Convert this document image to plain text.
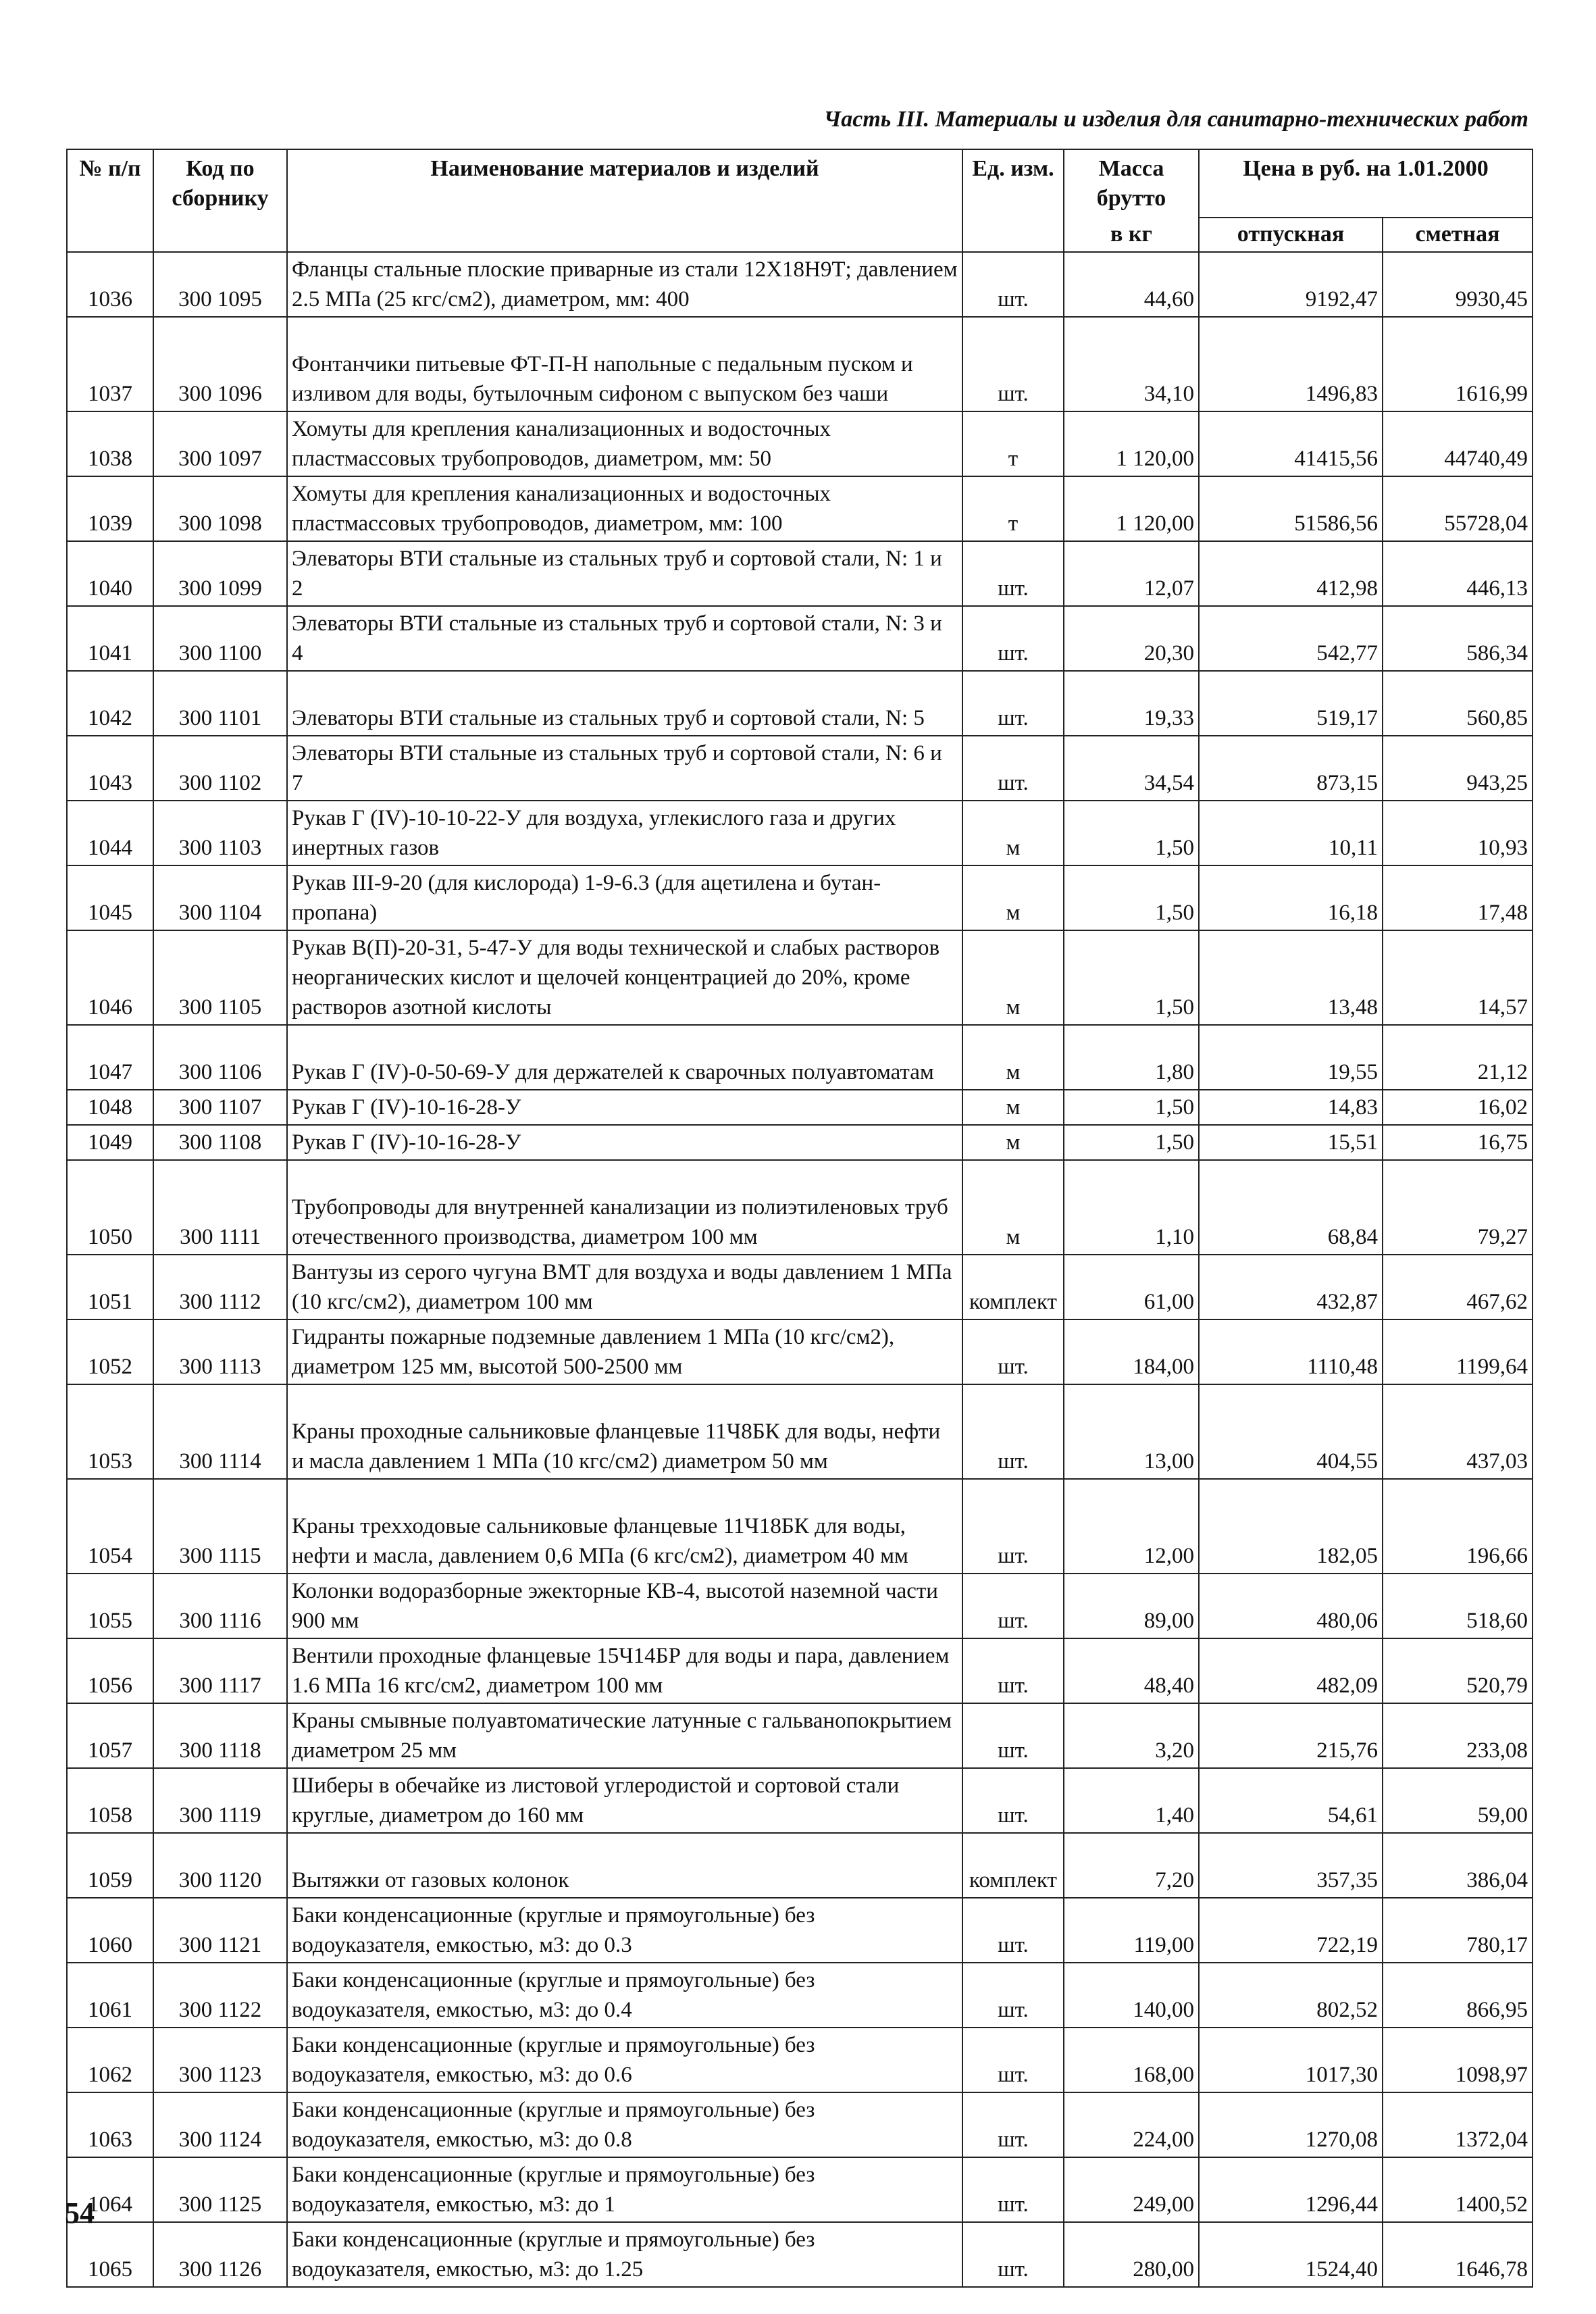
Часть III. Материалы и изделия для санитарно-технических работ
№ п/п	Код по сборнику	Наименование материалов и изделий	Ед. изм.	Масса брутто	Цена в руб. на 1.01.2000	
				в кг	отпускная	сметная
1036	300 1095	Фланцы стальные плоские приварные из стали 12Х18Н9Т; давлением 2.5 МПа (25 кгс/см2), диаметром, мм: 400	шт.	44,60	9192,47	9930,45
1037	300 1096	Фонтанчики питьевые ФТ-П-Н напольные с педальным пуском и изливом для воды, бутылочным сифоном с выпуском без чаши	шт.	34,10	1496,83	1616,99
1038	300 1097	Хомуты для крепления канализационных и водосточных пластмассовых трубопроводов, диаметром, мм: 50	т	1 120,00	41415,56	44740,49
1039	300 1098	Хомуты для крепления канализационных и водосточных пластмассовых трубопроводов, диаметром, мм: 100	т	1 120,00	51586,56	55728,04
1040	300 1099	Элеваторы ВТИ стальные из стальных труб и сортовой стали, N: 1 и 2	шт.	12,07	412,98	446,13
1041	300 1100	Элеваторы ВТИ стальные из стальных труб и сортовой стали, N: 3 и 4	шт.	20,30	542,77	586,34
1042	300 1101	Элеваторы ВТИ стальные из стальных труб и сортовой стали, N: 5	шт.	19,33	519,17	560,85
1043	300 1102	Элеваторы ВТИ стальные из стальных труб и сортовой стали, N: 6 и 7	шт.	34,54	873,15	943,25
1044	300 1103	Рукав Г (IV)-10-10-22-У для воздуха, углекислого газа и других инертных газов	м	1,50	10,11	10,93
1045	300 1104	Рукав III-9-20 (для кислорода) 1-9-6.3 (для ацетилена и бутан-пропана)	м	1,50	16,18	17,48
1046	300 1105	Рукав В(П)-20-31, 5-47-У для воды технической и слабых растворов неорганических кислот и щелочей концентрацией до 20%, кроме растворов азотной кислоты	м	1,50	13,48	14,57
1047	300 1106	Рукав Г (IV)-0-50-69-У для держателей к сварочных полуавтоматам	м	1,80	19,55	21,12
1048	300 1107	Рукав Г (IV)-10-16-28-У	м	1,50	14,83	16,02
1049	300 1108	Рукав Г (IV)-10-16-28-У	м	1,50	15,51	16,75
1050	300 1111	Трубопроводы для внутренней канализации из полиэтиленовых труб отечественного производства, диаметром 100 мм	м	1,10	68,84	79,27
1051	300 1112	Вантузы из серого чугуна ВМТ для воздуха и воды давлением 1 МПа (10 кгс/см2), диаметром 100 мм	комплект	61,00	432,87	467,62
1052	300 1113	Гидранты пожарные подземные давлением 1 МПа (10 кгс/см2), диаметром 125 мм, высотой 500-2500 мм	шт.	184,00	1110,48	1199,64
1053	300 1114	Краны проходные сальниковые фланцевые 11Ч8БК для воды, нефти и масла давлением 1 МПа (10 кгс/см2) диаметром 50 мм	шт.	13,00	404,55	437,03
1054	300 1115	Краны трехходовые сальниковые фланцевые 11Ч18БК для воды, нефти и масла, давлением 0,6 МПа (6 кгс/см2), диаметром 40 мм	шт.	12,00	182,05	196,66
1055	300 1116	Колонки водоразборные эжекторные КВ-4, высотой наземной части 900 мм	шт.	89,00	480,06	518,60
1056	300 1117	Вентили проходные фланцевые 15Ч14БР для воды и пара, давлением 1.6 МПа 16 кгс/см2, диаметром 100 мм	шт.	48,40	482,09	520,79
1057	300 1118	Краны смывные полуавтоматические латунные с гальванопокрытием диаметром 25 мм	шт.	3,20	215,76	233,08
1058	300 1119	Шиберы в обечайке из листовой углеродистой и сортовой стали круглые, диаметром до 160 мм	шт.	1,40	54,61	59,00
1059	300 1120	Вытяжки от газовых колонок	комплект	7,20	357,35	386,04
1060	300 1121	Баки конденсационные (круглые и прямоугольные) без водоуказателя, емкостью, м3: до 0.3	шт.	119,00	722,19	780,17
1061	300 1122	Баки конденсационные (круглые и прямоугольные) без водоуказателя, емкостью, м3: до 0.4	шт.	140,00	802,52	866,95
1062	300 1123	Баки конденсационные (круглые и прямоугольные) без водоуказателя, емкостью, м3: до 0.6	шт.	168,00	1017,30	1098,97
1063	300 1124	Баки конденсационные (круглые и прямоугольные) без водоуказателя, емкостью, м3: до 0.8	шт.	224,00	1270,08	1372,04
1064	300 1125	Баки конденсационные (круглые и прямоугольные) без водоуказателя, емкостью, м3: до 1	шт.	249,00	1296,44	1400,52
1065	300 1126	Баки конденсационные (круглые и прямоугольные) без водоуказателя, емкостью, м3: до 1.25	шт.	280,00	1524,40	1646,78
54
